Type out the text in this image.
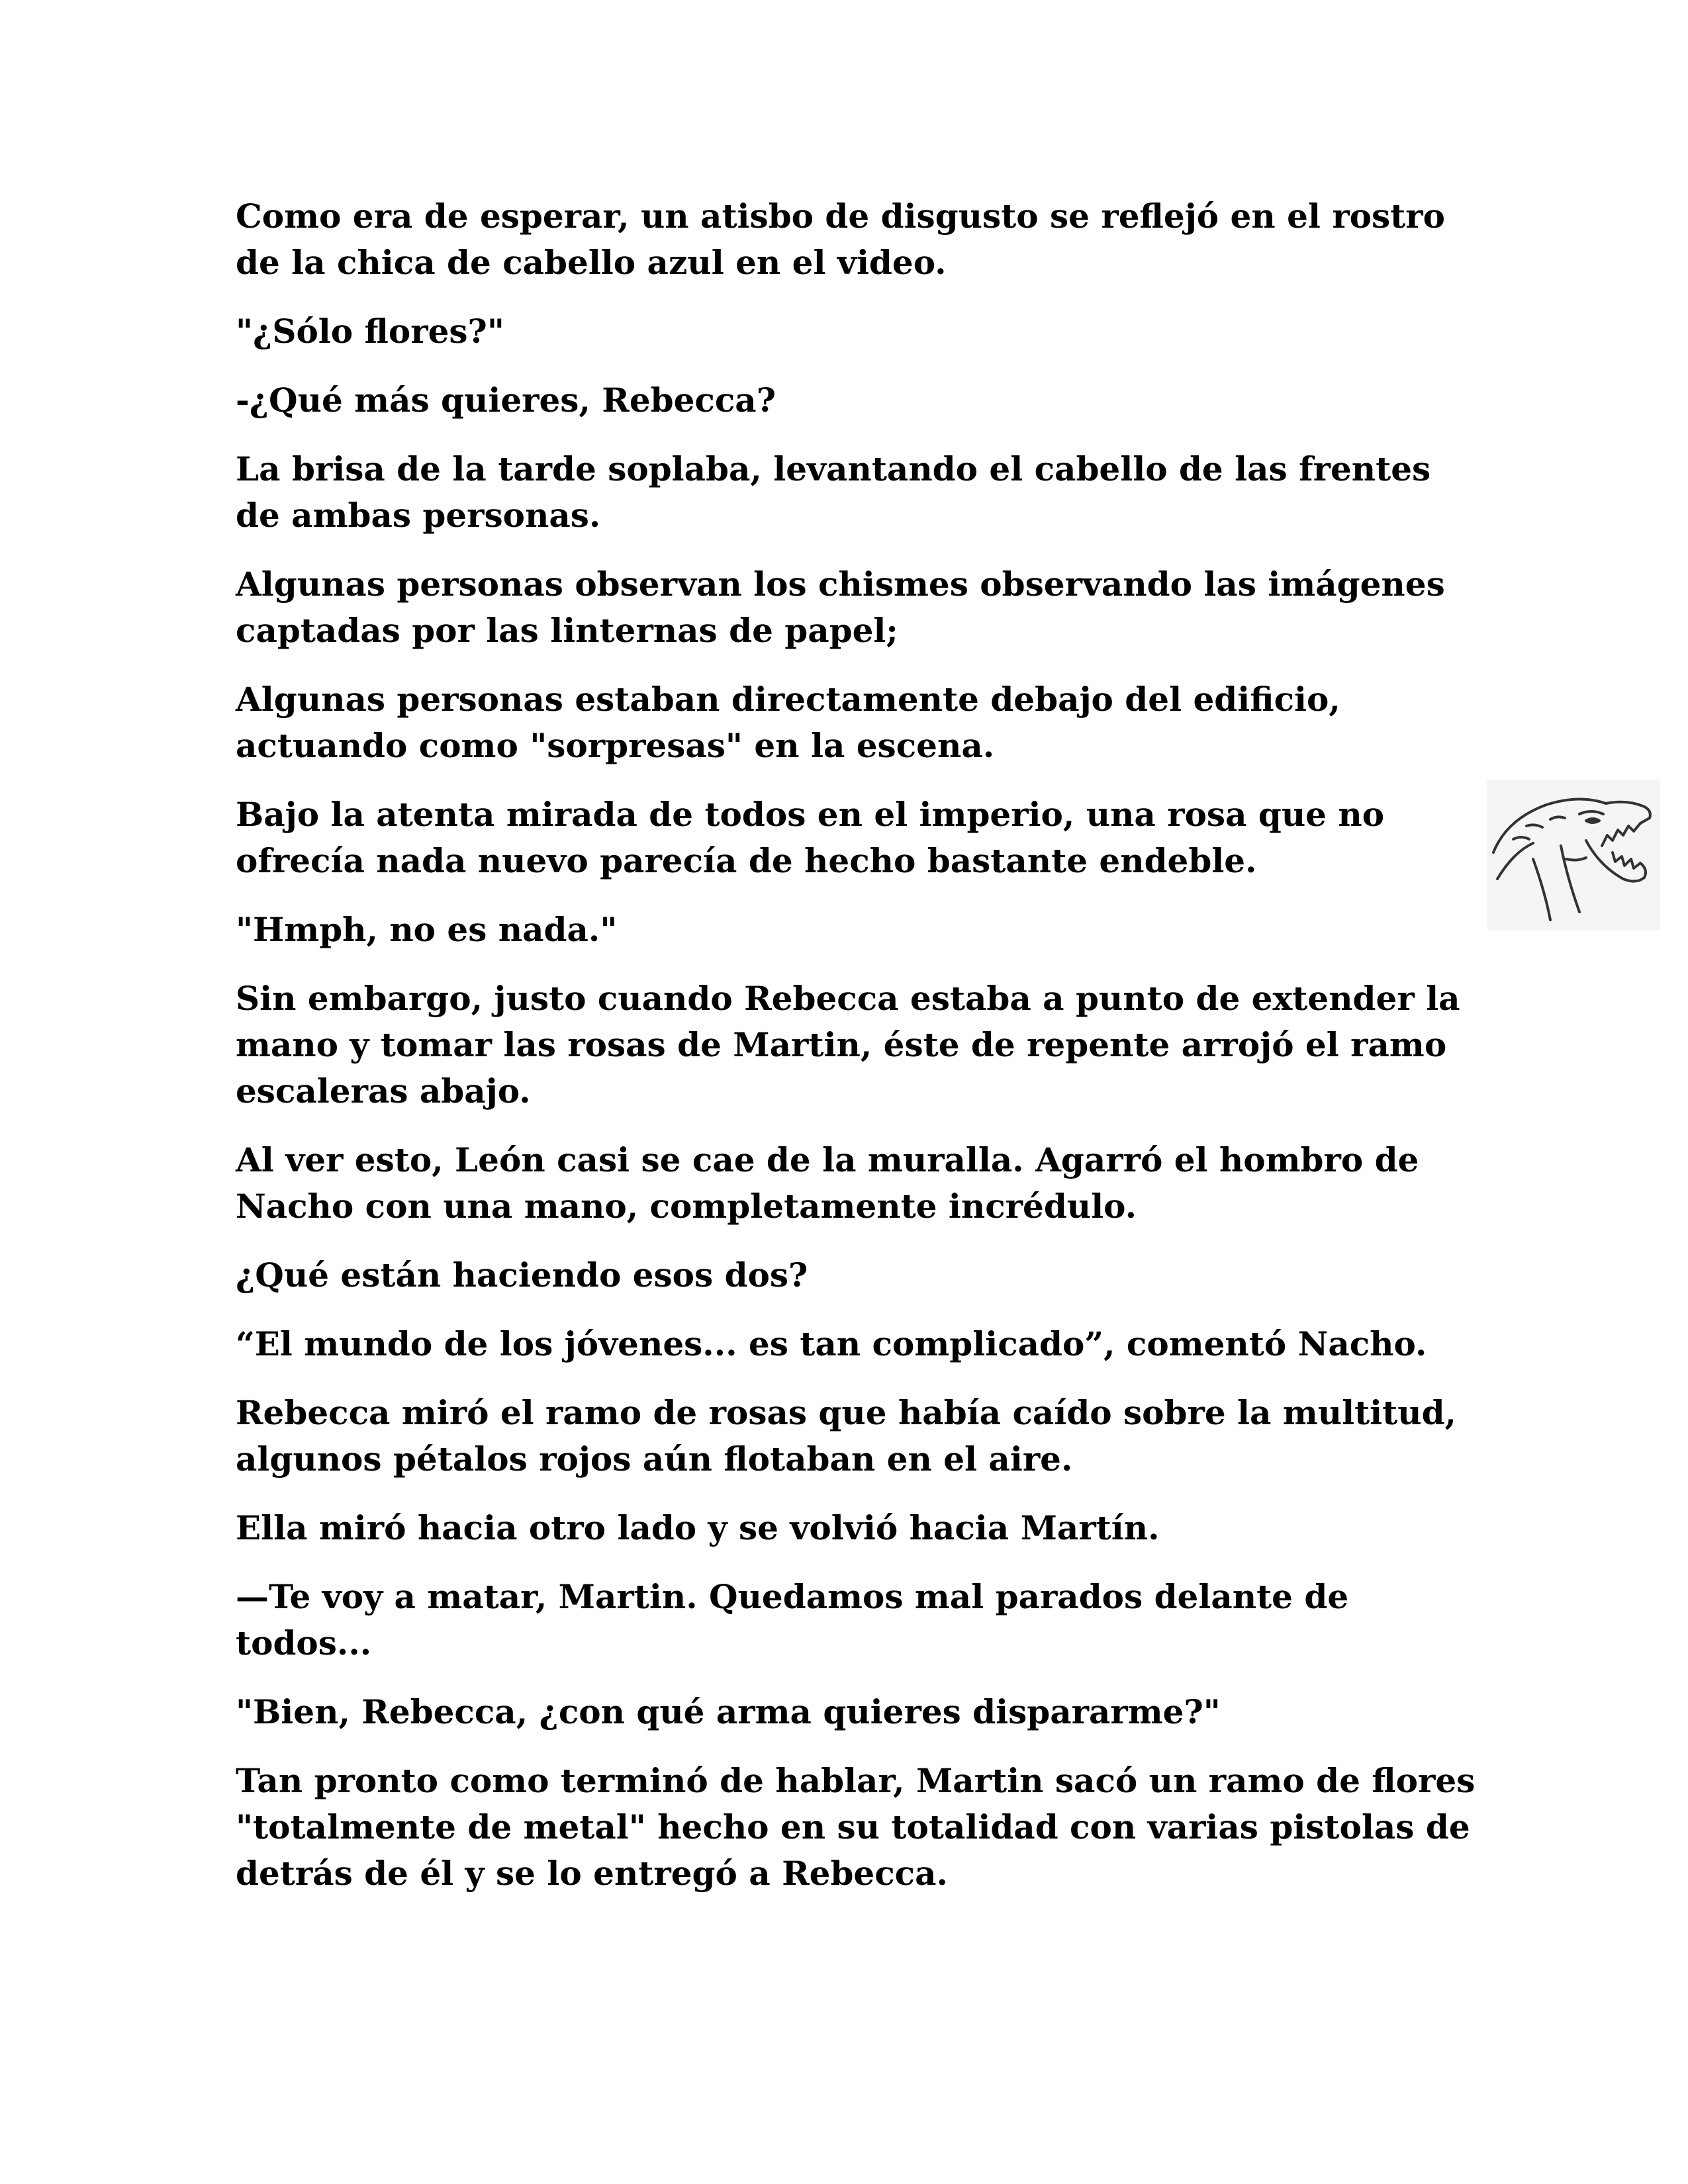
Como era de esperar, un atisbo de disgusto se reflejó en el rostro de la chica de cabello azul en el video.

"¿Sólo flores?"

-¿Qué más quieres, Rebecca?

La brisa de la tarde soplaba, levantando el cabello de las frentes de ambas personas.

Algunas personas observan los chismes observando las imágenes captadas por las linternas de papel;

Algunas personas estaban directamente debajo del edificio, actuando como "sorpresas" en la escena.

Bajo la atenta mirada de todos en el imperio, una rosa que no ofrecía nada nuevo parecía de hecho bastante endeble.

"Hmph, no es nada."

Sin embargo, justo cuando Rebecca estaba a punto de extender la mano y tomar las rosas de Martin, éste de repente arrojó el ramo escaleras abajo.

Al ver esto, León casi se cae de la muralla. Agarró el hombro de Nacho con una mano, completamente incrédulo.

¿Qué están haciendo esos dos?

“El mundo de los jóvenes... es tan complicado”, comentó Nacho.

Rebecca miró el ramo de rosas que había caído sobre la multitud, algunos pétalos rojos aún flotaban en el aire.

Ella miró hacia otro lado y se volvió hacia Martín.

—Te voy a matar, Martin. Quedamos mal parados delante de todos...

"Bien, Rebecca, ¿con qué arma quieres dispararme?"

Tan pronto como terminó de hablar, Martin sacó un ramo de flores "totalmente de metal" hecho en su totalidad con varias pistolas de detrás de él y se lo entregó a Rebecca.
